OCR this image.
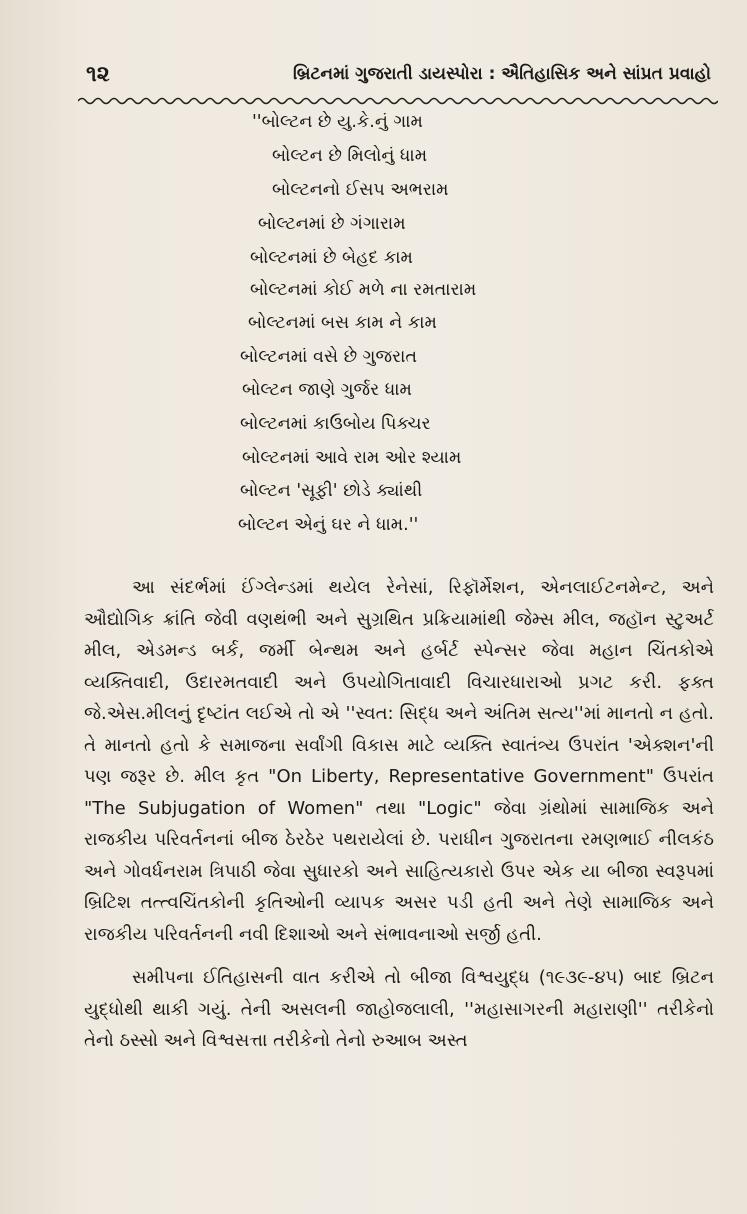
૧૨	બ્રિટનમાં ગુજરાતી ડાયસ્પોરા : ઐતિહાસિક અને સાંપ્રત પ્રવાહો
''બોલ્ટન છે યુ.કે.નું ગામ
બોલ્ટન છે મિલોનું ધામ
બોલ્ટનનો ઈસપ અભરામ
બોલ્ટનમાં છે ગંગારામ
બોલ્ટનમાં છે બેહદ કામ
બોલ્ટનમાં કોઈ મળે ના રમતારામ
બોલ્ટનમાં બસ કામ ને કામ
બોલ્ટનમાં વસે છે ગુજરાત
બોલ્ટન જાણે ગુર્જર ધામ
બોલ્ટનમાં કાઉબોય પિક્ચર
બોલ્ટનમાં આવે રામ ઓર શ્યામ
બોલ્ટન 'સૂફી' છોડે ક્યાંથી
બોલ્ટન એનું ઘર ને ધામ.''

આ સંદર્ભમાં ઈંગ્લેન્ડમાં થયેલ રેનેસાં, રિફૉર્મેશન, એનલાઈટનમેન્ટ, અને ઔદ્યોગિક ક્રાંતિ જેવી વણથંભી અને સુગ્રથિત પ્રક્રિયામાંથી જેમ્સ મીલ, જહૉન સ્ટુઅર્ટ મીલ, એડમન્ડ બર્ક, જર્મી બેન્થમ અને હર્બર્ટ સ્પેન્સર જેવા મહાન ચિંતકોએ વ્યક્તિવાદી, ઉદારમતવાદી અને ઉપયોગિતાવાદી વિચારધારાઓ પ્રગટ કરી. ફક્ત જે.એસ.મીલનું દૃષ્ટાંત લઈએ તો એ ''સ્વત: સિદ્ધ અને અંતિમ સત્ય''માં માનતો ન હતો. તે માનતો હતો કે સમાજના સર્વાંગી વિકાસ માટે વ્યક્તિ સ્વાતંત્ર્ય ઉપરાંત 'એક્શન'ની પણ જરૂર છે. મીલ કૃત "On Liberty, Representative Government" ઉપરાંત "The Subjugation of Women" તથા "Logic" જેવા ગ્રંથોમાં સામાજિક અને રાજકીય પરિવર્તનનાં બીજ ઠેરઠેર પથરાયેલાં છે. પરાધીન ગુજરાતના રમણભાઈ નીલકંઠ અને ગોવર્ધનરામ ત્રિપાઠી જેવા સુધારકો અને સાહિત્યકારો ઉપર એક યા બીજા સ્વરૂપમાં બ્રિટિશ તત્ત્વચિંતકોની કૃતિઓની વ્યાપક અસર પડી હતી અને તેણે સામાજિક અને રાજકીય પરિવર્તનની નવી દિશાઓ અને સંભાવનાઓ સર્જી હતી.

સમીપના ઈતિહાસની વાત કરીએ તો બીજા વિશ્વયુદ્ધ (૧૯૩૯-૪૫) બાદ બ્રિટન યુદ્ધોથી થાકી ગયું. તેની અસલની જાહોજલાલી, ''મહાસાગરની મહારાણી'' તરીકેનો તેનો ઠસ્સો અને વિશ્વસત્તા તરીકેનો તેનો રુઆબ અસ્ત
